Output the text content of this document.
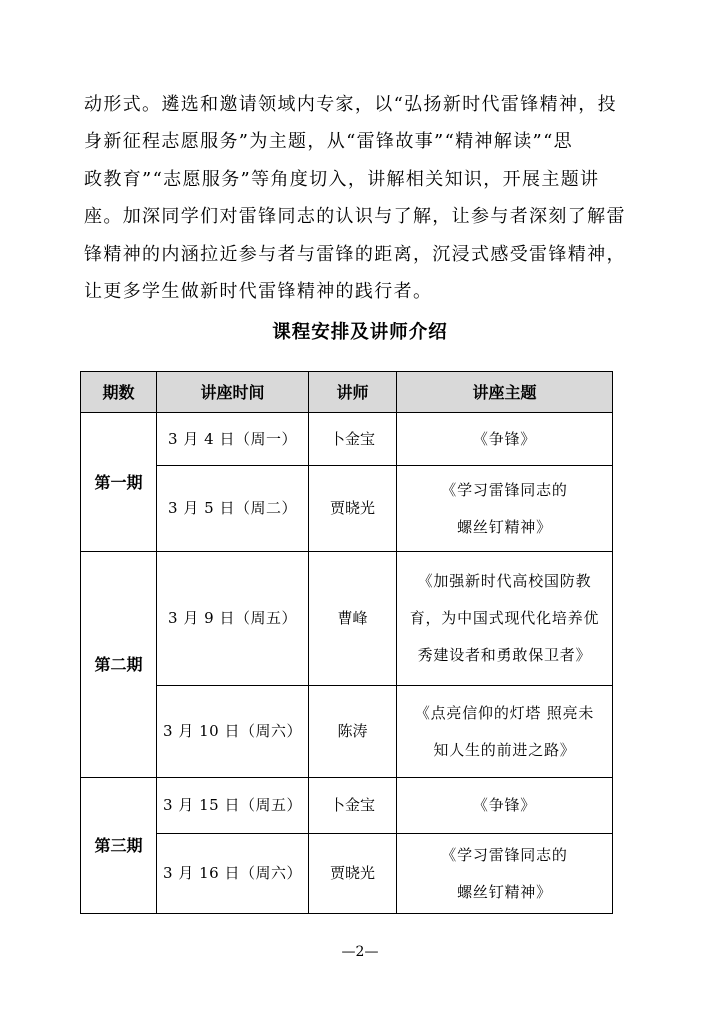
动形式。遴选和邀请领域内专家，以“弘扬新时代雷锋精神，投
身新征程志愿服务”为主题，从“雷锋故事”“精神解读”“思
政教育”“志愿服务”等角度切入，讲解相关知识，开展主题讲
座。加深同学们对雷锋同志的认识与了解，让参与者深刻了解雷
锋精神的内涵拉近参与者与雷锋的距离，沉浸式感受雷锋精神，
让更多学生做新时代雷锋精神的践行者。
课程安排及讲师介绍
期数	讲座时间	讲师	讲座主题
第一期	3 月 4 日（周一）	卜金宝	《争锋》

	3 月 5 日（周二）	贾晓光	《学习雷锋同志的
螺丝钉精神》

第二期	3 月 9 日（周五）	曹峰	《加强新时代高校国防教
育，为中国式现代化培养优
秀建设者和勇敢保卫者》

	3 月 10 日（周六）	陈涛	《点亮信仰的灯塔 照亮未
知人生的前进之路》

第三期	3 月 15 日（周五）	卜金宝	《争锋》

	3 月 16 日（周六）	贾晓光	《学习雷锋同志的
螺丝钉精神》
—2—
